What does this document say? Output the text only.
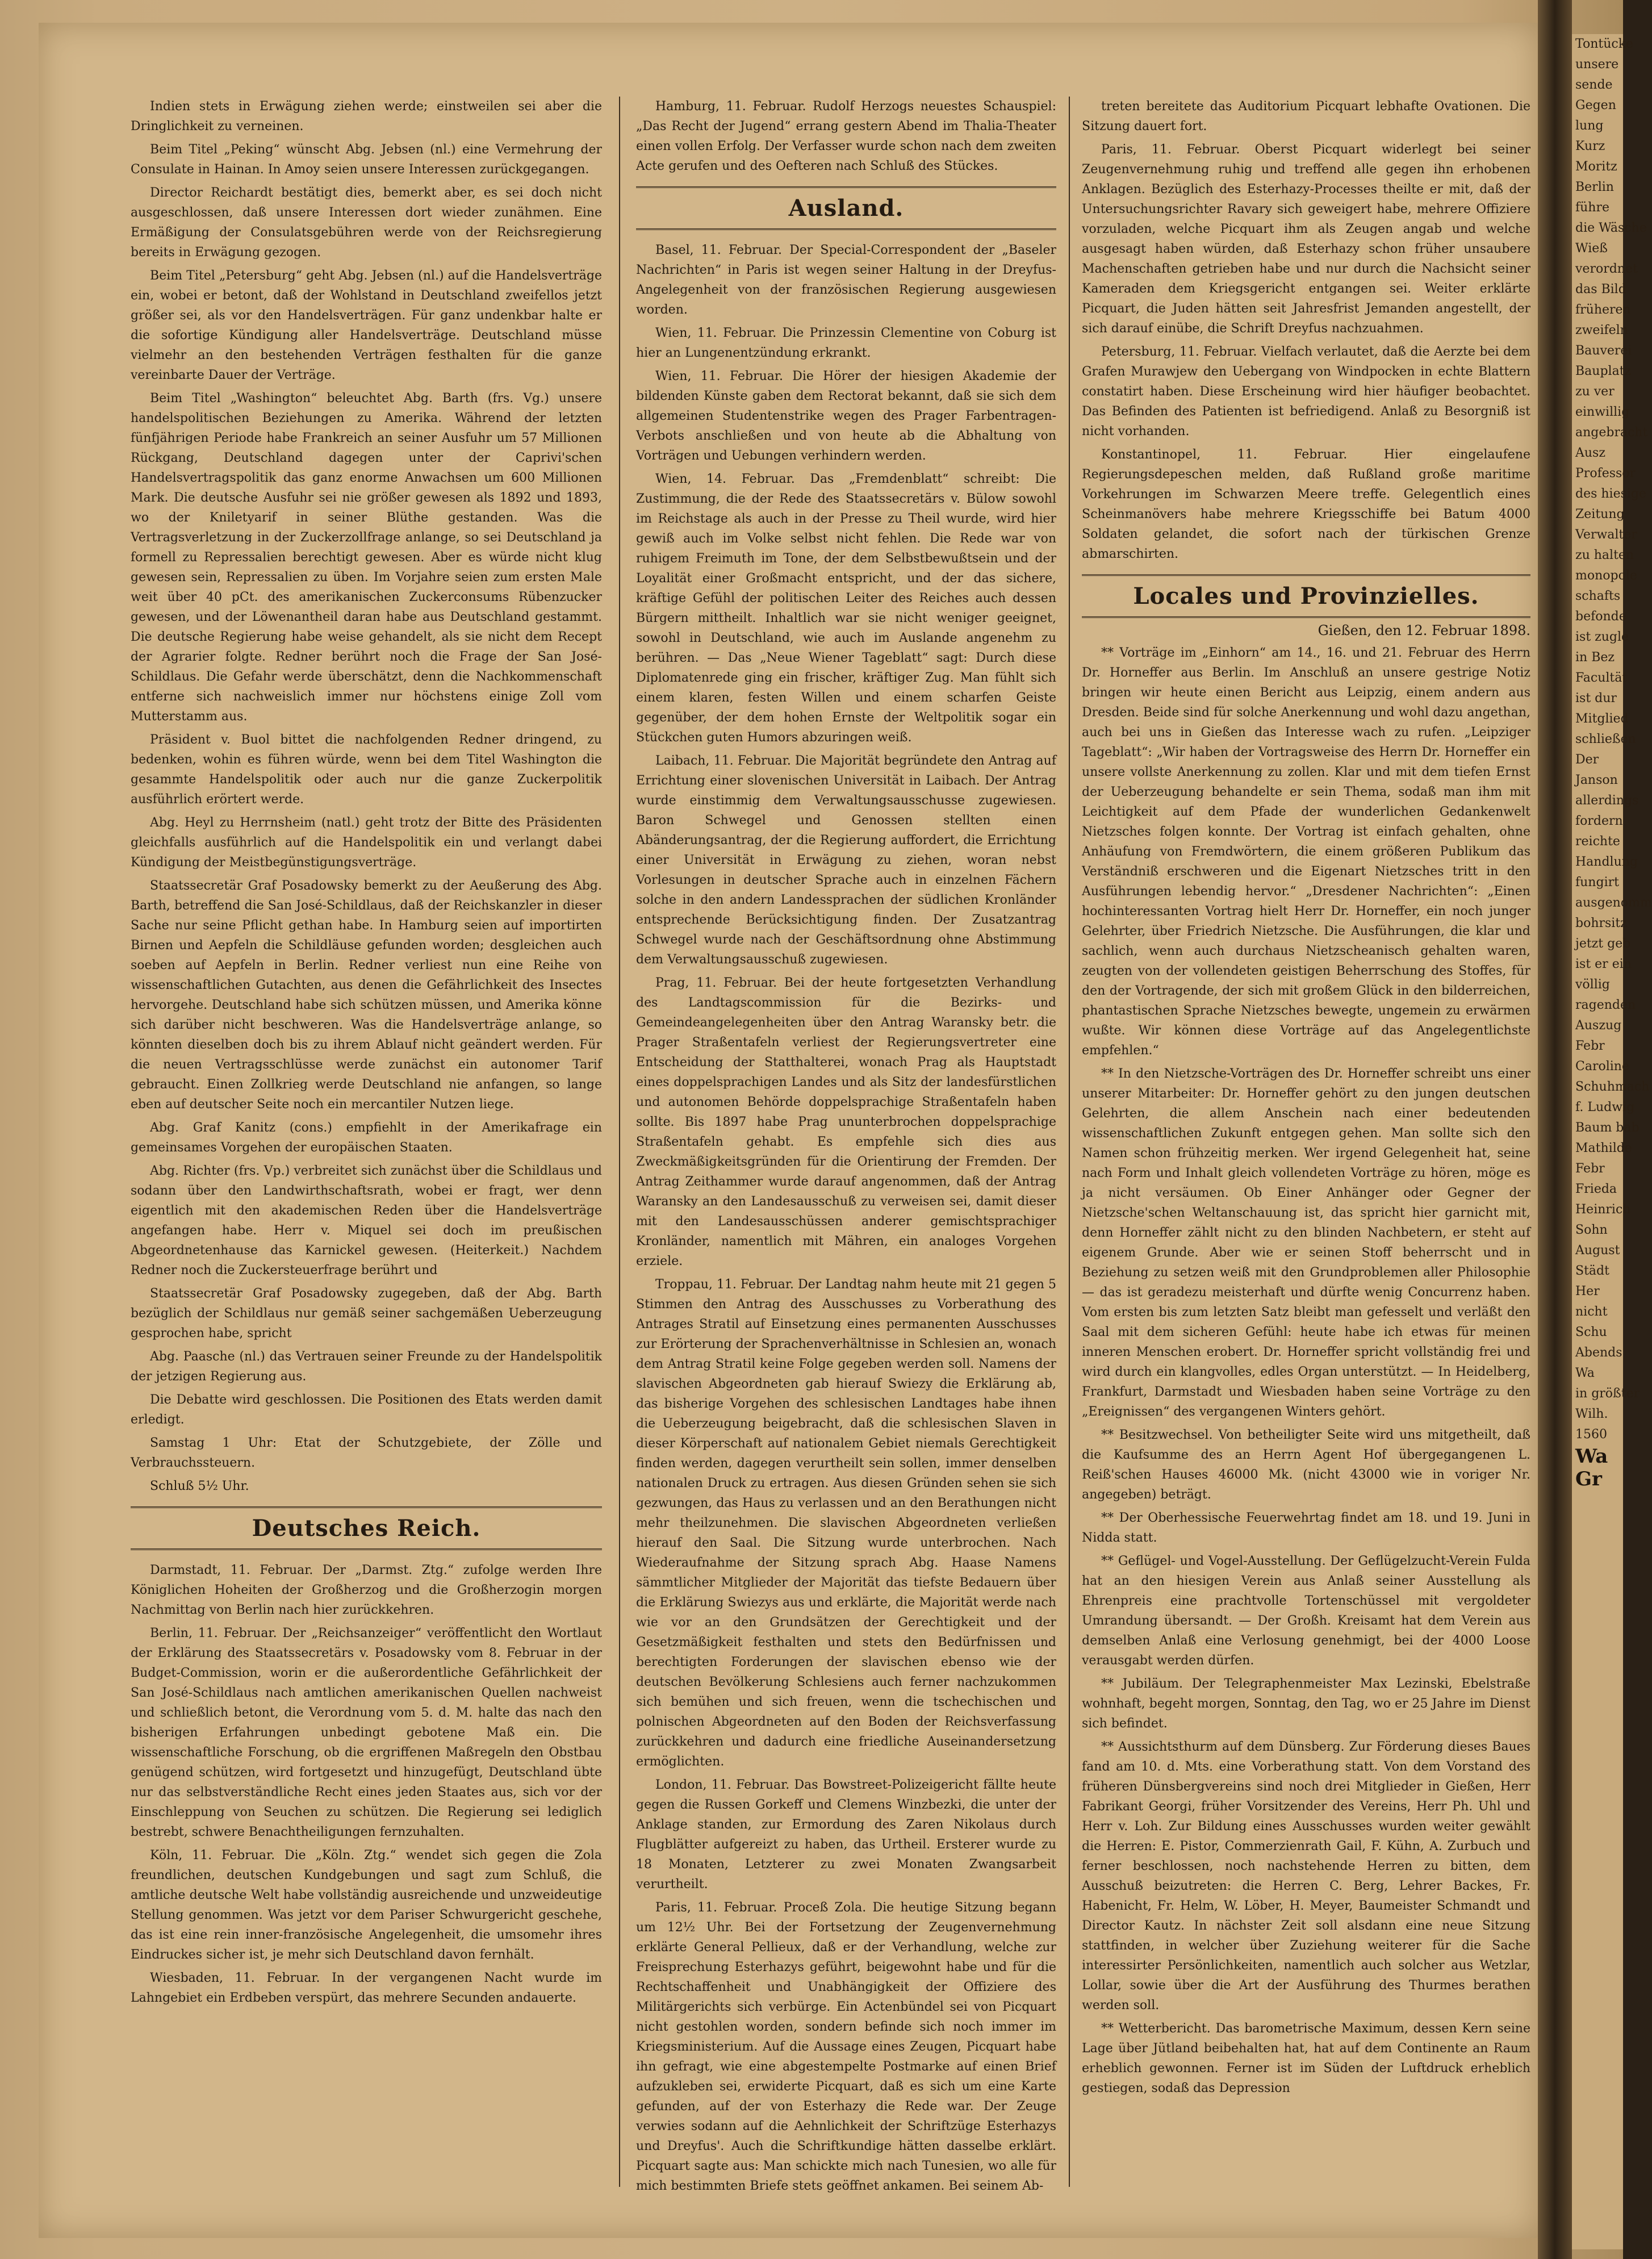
Indien stets in Erwägung ziehen werde; einstweilen sei aber die Dringlichkeit zu verneinen.

Beim Titel „Peking“ wünscht Abg. Jebsen (nl.) eine Vermehrung der Consulate in Hainan. In Amoy seien unsere Interessen zurückgegangen.

Director Reichardt bestätigt dies, bemerkt aber, es sei doch nicht ausgeschlossen, daß unsere Interessen dort wieder zunähmen. Eine Ermäßigung der Consulatsgebühren werde von der Reichsregierung bereits in Erwägung gezogen.

Beim Titel „Petersburg“ geht Abg. Jebsen (nl.) auf die Handelsverträge ein, wobei er betont, daß der Wohlstand in Deutschland zweifellos jetzt größer sei, als vor den Handelsverträgen. Für ganz undenkbar halte er die sofortige Kündigung aller Handelsverträge. Deutschland müsse vielmehr an den bestehenden Verträgen festhalten für die ganze vereinbarte Dauer der Verträge.

Beim Titel „Washington“ beleuchtet Abg. Barth (frs. Vg.) unsere handelspolitischen Beziehungen zu Amerika. Während der letzten fünfjährigen Periode habe Frankreich an seiner Ausfuhr um 57 Millionen Rückgang, Deutschland dagegen unter der Caprivi'schen Handelsvertragspolitik das ganz enorme Anwachsen um 600 Millionen Mark. Die deutsche Ausfuhr sei nie größer gewesen als 1892 und 1893, wo der Kniletyarif in seiner Blüthe gestanden. Was die Vertragsverletzung in der Zuckerzollfrage anlange, so sei Deutschland ja formell zu Repressalien berechtigt gewesen. Aber es würde nicht klug gewesen sein, Repressalien zu üben. Im Vorjahre seien zum ersten Male weit über 40 pCt. des amerikanischen Zuckerconsums Rübenzucker gewesen, und der Löwenantheil daran habe aus Deutschland gestammt. Die deutsche Regierung habe weise gehandelt, als sie nicht dem Recept der Agrarier folgte. Redner berührt noch die Frage der San José-Schildlaus. Die Gefahr werde überschätzt, denn die Nachkommenschaft entferne sich nachweislich immer nur höchstens einige Zoll vom Mutterstamm aus.

Präsident v. Buol bittet die nachfolgenden Redner dringend, zu bedenken, wohin es führen würde, wenn bei dem Titel Washington die gesammte Handelspolitik oder auch nur die ganze Zuckerpolitik ausführlich erörtert werde.

Abg. Heyl zu Herrnsheim (natl.) geht trotz der Bitte des Präsidenten gleichfalls ausführlich auf die Handelspolitik ein und verlangt dabei Kündigung der Meistbegünstigungsverträge.

Staatssecretär Graf Posadowsky bemerkt zu der Aeußerung des Abg. Barth, betreffend die San José-Schildlaus, daß der Reichskanzler in dieser Sache nur seine Pflicht gethan habe. In Hamburg seien auf importirten Birnen und Aepfeln die Schildläuse gefunden worden; desgleichen auch soeben auf Aepfeln in Berlin. Redner verliest nun eine Reihe von wissenschaftlichen Gutachten, aus denen die Gefährlichkeit des Insectes hervorgehe. Deutschland habe sich schützen müssen, und Amerika könne sich darüber nicht beschweren. Was die Handelsverträge anlange, so könnten dieselben doch bis zu ihrem Ablauf nicht geändert werden. Für die neuen Vertragsschlüsse werde zunächst ein autonomer Tarif gebraucht. Einen Zollkrieg werde Deutschland nie anfangen, so lange eben auf deutscher Seite noch ein mercantiler Nutzen liege.

Abg. Graf Kanitz (cons.) empfiehlt in der Amerikafrage ein gemeinsames Vorgehen der europäischen Staaten.

Abg. Richter (frs. Vp.) verbreitet sich zunächst über die Schildlaus und sodann über den Landwirthschaftsrath, wobei er fragt, wer denn eigentlich mit den akademischen Reden über die Handelsverträge angefangen habe. Herr v. Miquel sei doch im preußischen Abgeordnetenhause das Karnickel gewesen. (Heiterkeit.) Nachdem Redner noch die Zuckersteuerfrage berührt und

Staatssecretär Graf Posadowsky zugegeben, daß der Abg. Barth bezüglich der Schildlaus nur gemäß seiner sachgemäßen Ueberzeugung gesprochen habe, spricht

Abg. Paasche (nl.) das Vertrauen seiner Freunde zu der Handelspolitik der jetzigen Regierung aus.

Die Debatte wird geschlossen. Die Positionen des Etats werden damit erledigt.

Samstag 1 Uhr: Etat der Schutzgebiete, der Zölle und Verbrauchssteuern.

Schluß 5½ Uhr.

Deutsches Reich.

Darmstadt, 11. Februar. Der „Darmst. Ztg.“ zufolge werden Ihre Königlichen Hoheiten der Großherzog und die Großherzogin morgen Nachmittag von Berlin nach hier zurückkehren.

Berlin, 11. Februar. Der „Reichsanzeiger“ veröffentlicht den Wortlaut der Erklärung des Staatssecretärs v. Posadowsky vom 8. Februar in der Budget-Commission, worin er die außerordentliche Gefährlichkeit der San José-Schildlaus nach amtlichen amerikanischen Quellen nachweist und schließlich betont, die Verordnung vom 5. d. M. halte das nach den bisherigen Erfahrungen unbedingt gebotene Maß ein. Die wissenschaftliche Forschung, ob die ergriffenen Maßregeln den Obstbau genügend schützen, wird fortgesetzt und hinzugefügt, Deutschland übte nur das selbstverständliche Recht eines jeden Staates aus, sich vor der Einschleppung von Seuchen zu schützen. Die Regierung sei lediglich bestrebt, schwere Benachtheiligungen fernzuhalten.

Köln, 11. Februar. Die „Köln. Ztg.“ wendet sich gegen die Zola freundlichen, deutschen Kundgebungen und sagt zum Schluß, die amtliche deutsche Welt habe vollständig ausreichende und unzweideutige Stellung genommen. Was jetzt vor dem Pariser Schwurgericht geschehe, das ist eine rein inner-französische Angelegenheit, die umsomehr ihres Eindruckes sicher ist, je mehr sich Deutschland davon fernhält.

Wiesbaden, 11. Februar. In der vergangenen Nacht wurde im Lahngebiet ein Erdbeben verspürt, das mehrere Secunden andauerte.

Hamburg, 11. Februar. Rudolf Herzogs neuestes Schauspiel: „Das Recht der Jugend“ errang gestern Abend im Thalia-Theater einen vollen Erfolg. Der Verfasser wurde schon nach dem zweiten Acte gerufen und des Oefteren nach Schluß des Stückes.

Ausland.

Basel, 11. Februar. Der Special-Correspondent der „Baseler Nachrichten“ in Paris ist wegen seiner Haltung in der Dreyfus-Angelegenheit von der französischen Regierung ausgewiesen worden.

Wien, 11. Februar. Die Prinzessin Clementine von Coburg ist hier an Lungenentzündung erkrankt.

Wien, 11. Februar. Die Hörer der hiesigen Akademie der bildenden Künste gaben dem Rectorat bekannt, daß sie sich dem allgemeinen Studentenstrike wegen des Prager Farbentragen-Verbots anschließen und von heute ab die Abhaltung von Vorträgen und Uebungen verhindern werden.

Wien, 14. Februar. Das „Fremdenblatt“ schreibt: Die Zustimmung, die der Rede des Staatssecretärs v. Bülow sowohl im Reichstage als auch in der Presse zu Theil wurde, wird hier gewiß auch im Volke selbst nicht fehlen. Die Rede war von ruhigem Freimuth im Tone, der dem Selbstbewußtsein und der Loyalität einer Großmacht entspricht, und der das sichere, kräftige Gefühl der politischen Leiter des Reiches auch dessen Bürgern mittheilt. Inhaltlich war sie nicht weniger geeignet, sowohl in Deutschland, wie auch im Auslande angenehm zu berühren. — Das „Neue Wiener Tageblatt“ sagt: Durch diese Diplomatenrede ging ein frischer, kräftiger Zug. Man fühlt sich einem klaren, festen Willen und einem scharfen Geiste gegenüber, der dem hohen Ernste der Weltpolitik sogar ein Stückchen guten Humors abzuringen weiß.

Laibach, 11. Februar. Die Majorität begründete den Antrag auf Errichtung einer slovenischen Universität in Laibach. Der Antrag wurde einstimmig dem Verwaltungsausschusse zugewiesen. Baron Schwegel und Genossen stellten einen Abänderungsantrag, der die Regierung auffordert, die Errichtung einer Universität in Erwägung zu ziehen, woran nebst Vorlesungen in deutscher Sprache auch in einzelnen Fächern solche in den andern Landessprachen der südlichen Kronländer entsprechende Berücksichtigung finden. Der Zusatzantrag Schwegel wurde nach der Geschäftsordnung ohne Abstimmung dem Verwaltungsausschuß zugewiesen.

Prag, 11. Februar. Bei der heute fortgesetzten Verhandlung des Landtagscommission für die Bezirks- und Gemeindeangelegenheiten über den Antrag Waransky betr. die Prager Straßentafeln verliest der Regierungsvertreter eine Entscheidung der Statthalterei, wonach Prag als Hauptstadt eines doppelsprachigen Landes und als Sitz der landesfürstlichen und autonomen Behörde doppelsprachige Straßentafeln haben sollte. Bis 1897 habe Prag ununterbrochen doppelsprachige Straßentafeln gehabt. Es empfehle sich dies aus Zweckmäßigkeitsgründen für die Orientirung der Fremden. Der Antrag Zeithammer wurde darauf angenommen, daß der Antrag Waransky an den Landesausschuß zu verweisen sei, damit dieser mit den Landesausschüssen anderer gemischtsprachiger Kronländer, namentlich mit Mähren, ein analoges Vorgehen erziele.

Troppau, 11. Februar. Der Landtag nahm heute mit 21 gegen 5 Stimmen den Antrag des Ausschusses zu Vorberathung des Antrages Stratil auf Einsetzung eines permanenten Ausschusses zur Erörterung der Sprachenverhältnisse in Schlesien an, wonach dem Antrag Stratil keine Folge gegeben werden soll. Namens der slavischen Abgeordneten gab hierauf Swiezy die Erklärung ab, das bisherige Vorgehen des schlesischen Landtages habe ihnen die Ueberzeugung beigebracht, daß die schlesischen Slaven in dieser Körperschaft auf nationalem Gebiet niemals Gerechtigkeit finden werden, dagegen verurtheilt sein sollen, immer denselben nationalen Druck zu ertragen. Aus diesen Gründen sehen sie sich gezwungen, das Haus zu verlassen und an den Berathungen nicht mehr theilzunehmen. Die slavischen Abgeordneten verließen hierauf den Saal. Die Sitzung wurde unterbrochen. Nach Wiederaufnahme der Sitzung sprach Abg. Haase Namens sämmtlicher Mitglieder der Majorität das tiefste Bedauern über die Erklärung Swiezys aus und erklärte, die Majorität werde nach wie vor an den Grundsätzen der Gerechtigkeit und der Gesetzmäßigkeit festhalten und stets den Bedürfnissen und berechtigten Forderungen der slavischen ebenso wie der deutschen Bevölkerung Schlesiens auch ferner nachzukommen sich bemühen und sich freuen, wenn die tschechischen und polnischen Abgeordneten auf den Boden der Reichsverfassung zurückkehren und dadurch eine friedliche Auseinandersetzung ermöglichten.

London, 11. Februar. Das Bowstreet-Polizeigericht fällte heute gegen die Russen Gorkeff und Clemens Winzbezki, die unter der Anklage standen, zur Ermordung des Zaren Nikolaus durch Flugblätter aufgereizt zu haben, das Urtheil. Ersterer wurde zu 18 Monaten, Letzterer zu zwei Monaten Zwangsarbeit verurtheilt.

Paris, 11. Februar. Proceß Zola. Die heutige Sitzung begann um 12½ Uhr. Bei der Fortsetzung der Zeugenvernehmung erklärte General Pellieux, daß er der Verhandlung, welche zur Freisprechung Esterhazys geführt, beigewohnt habe und für die Rechtschaffenheit und Unabhängigkeit der Offiziere des Militärgerichts sich verbürge. Ein Actenbündel sei von Picquart nicht gestohlen worden, sondern befinde sich noch immer im Kriegsministerium. Auf die Aussage eines Zeugen, Picquart habe ihn gefragt, wie eine abgestempelte Postmarke auf einen Brief aufzukleben sei, erwiderte Picquart, daß es sich um eine Karte gefunden, auf der von Esterhazy die Rede war. Der Zeuge verwies sodann auf die Aehnlichkeit der Schriftzüge Esterhazys und Dreyfus'. Auch die Schriftkundige hätten dasselbe erklärt. Picquart sagte aus: Man schickte mich nach Tunesien, wo alle für mich bestimmten Briefe stets geöffnet ankamen. Bei seinem Ab-

treten bereitete das Auditorium Picquart lebhafte Ovationen. Die Sitzung dauert fort.

Paris, 11. Februar. Oberst Picquart widerlegt bei seiner Zeugenvernehmung ruhig und treffend alle gegen ihn erhobenen Anklagen. Bezüglich des Esterhazy-Processes theilte er mit, daß der Untersuchungsrichter Ravary sich geweigert habe, mehrere Offiziere vorzuladen, welche Picquart ihm als Zeugen angab und welche ausgesagt haben würden, daß Esterhazy schon früher unsaubere Machenschaften getrieben habe und nur durch die Nachsicht seiner Kameraden dem Kriegsgericht entgangen sei. Weiter erklärte Picquart, die Juden hätten seit Jahresfrist Jemanden angestellt, der sich darauf einübe, die Schrift Dreyfus nachzuahmen.

Petersburg, 11. Februar. Vielfach verlautet, daß die Aerzte bei dem Grafen Murawjew den Uebergang von Windpocken in echte Blattern constatirt haben. Diese Erscheinung wird hier häufiger beobachtet. Das Befinden des Patienten ist befriedigend. Anlaß zu Besorgniß ist nicht vorhanden.

Konstantinopel, 11. Februar. Hier eingelaufene Regierungsdepeschen melden, daß Rußland große maritime Vorkehrungen im Schwarzen Meere treffe. Gelegentlich eines Scheinmanövers habe mehrere Kriegsschiffe bei Batum 4000 Soldaten gelandet, die sofort nach der türkischen Grenze abmarschirten.

Locales und Provinzielles.
Gießen, den 12. Februar 1898.

** Vorträge im „Einhorn“ am 14., 16. und 21. Februar des Herrn Dr. Horneffer aus Berlin. Im Anschluß an unsere gestrige Notiz bringen wir heute einen Bericht aus Leipzig, einem andern aus Dresden. Beide sind für solche Anerkennung und wohl dazu angethan, auch bei uns in Gießen das Interesse wach zu rufen. „Leipziger Tageblatt“: „Wir haben der Vortragsweise des Herrn Dr. Horneffer ein unsere vollste Anerkennung zu zollen. Klar und mit dem tiefen Ernst der Ueberzeugung behandelte er sein Thema, sodaß man ihm mit Leichtigkeit auf dem Pfade der wunderlichen Gedankenwelt Nietzsches folgen konnte. Der Vortrag ist einfach gehalten, ohne Anhäufung von Fremdwörtern, die einem größeren Publikum das Verständniß erschweren und die Eigenart Nietzsches tritt in den Ausführungen lebendig hervor.“ „Dresdener Nachrichten“: „Einen hochinteressanten Vortrag hielt Herr Dr. Horneffer, ein noch junger Gelehrter, über Friedrich Nietzsche. Die Ausführungen, die klar und sachlich, wenn auch durchaus Nietzscheanisch gehalten waren, zeugten von der vollendeten geistigen Beherrschung des Stoffes, für den der Vortragende, der sich mit großem Glück in den bilderreichen, phantastischen Sprache Nietzsches bewegte, ungemein zu erwärmen wußte. Wir können diese Vorträge auf das Angelegentlichste empfehlen.“

** In den Nietzsche-Vorträgen des Dr. Horneffer schreibt uns einer unserer Mitarbeiter: Dr. Horneffer gehört zu den jungen deutschen Gelehrten, die allem Anschein nach einer bedeutenden wissenschaftlichen Zukunft entgegen gehen. Man sollte sich den Namen schon frühzeitig merken. Wer irgend Gelegenheit hat, seine nach Form und Inhalt gleich vollendeten Vorträge zu hören, möge es ja nicht versäumen. Ob Einer Anhänger oder Gegner der Nietzsche'schen Weltanschauung ist, das spricht hier garnicht mit, denn Horneffer zählt nicht zu den blinden Nachbetern, er steht auf eigenem Grunde. Aber wie er seinen Stoff beherrscht und in Beziehung zu setzen weiß mit den Grundproblemen aller Philosophie — das ist geradezu meisterhaft und dürfte wenig Concurrenz haben. Vom ersten bis zum letzten Satz bleibt man gefesselt und verläßt den Saal mit dem sicheren Gefühl: heute habe ich etwas für meinen inneren Menschen erobert. Dr. Horneffer spricht vollständig frei und wird durch ein klangvolles, edles Organ unterstützt. — In Heidelberg, Frankfurt, Darmstadt und Wiesbaden haben seine Vorträge zu den „Ereignissen“ des vergangenen Winters gehört.

** Besitzwechsel. Von betheiligter Seite wird uns mitgetheilt, daß die Kaufsumme des an Herrn Agent Hof übergegangenen L. Reiß'schen Hauses 46000 Mk. (nicht 43000 wie in voriger Nr. angegeben) beträgt.

** Der Oberhessische Feuerwehrtag findet am 18. und 19. Juni in Nidda statt.

** Geflügel- und Vogel-Ausstellung. Der Geflügelzucht-Verein Fulda hat an den hiesigen Verein aus Anlaß seiner Ausstellung als Ehrenpreis eine prachtvolle Tortenschüssel mit vergoldeter Umrandung übersandt. — Der Großh. Kreisamt hat dem Verein aus demselben Anlaß eine Verlosung genehmigt, bei der 4000 Loose verausgabt werden dürfen.

** Jubiläum. Der Telegraphenmeister Max Lezinski, Ebelstraße wohnhaft, begeht morgen, Sonntag, den Tag, wo er 25 Jahre im Dienst sich befindet.

** Aussichtsthurm auf dem Dünsberg. Zur Förderung dieses Baues fand am 10. d. Mts. eine Vorberathung statt. Von dem Vorstand des früheren Dünsbergvereins sind noch drei Mitglieder in Gießen, Herr Fabrikant Georgi, früher Vorsitzender des Vereins, Herr Ph. Uhl und Herr v. Loh. Zur Bildung eines Ausschusses wurden weiter gewählt die Herren: E. Pistor, Commerzienrath Gail, F. Kühn, A. Zurbuch und ferner beschlossen, noch nachstehende Herren zu bitten, dem Ausschuß beizutreten: die Herren C. Berg, Lehrer Backes, Fr. Habenicht, Fr. Helm, W. Löber, H. Meyer, Baumeister Schmandt und Director Kautz. In nächster Zeit soll alsdann eine neue Sitzung stattfinden, in welcher über Zuziehung weiterer für die Sache interessirter Persönlichkeiten, namentlich auch solcher aus Wetzlar, Lollar, sowie über die Art der Ausführung des Thurmes berathen werden soll.

** Wetterbericht. Das barometrische Maximum, dessen Kern seine Lage über Jütland beibehalten hat, hat auf dem Continente an Raum erheblich gewonnen. Ferner ist im Süden der Luftdruck erheblich gestiegen, sodaß das Depression

Tontücke
unsere
sende
Gegen
lung
Kurz
Moritz
Berlin
führe
die Wäsche
Wieß
verordnet
das Bild
früheren
zweifeln
Bauverei
Bauplatz
zu ver
einwillig
angebracht
Ausz
Professor
des hiesige
Zeitung
Verwalter
zu halten
monopole
schafts
befonde
ist zugle
in Bez
Facultät
ist dur
Mitglied
schließen
Der
Janson
allerdings
fordern
reichte
Handlung
fungirt
ausgenomm
bohrsitz
jetzt geb
ist er ein
völlig
ragenden
Auszug
Febr
Caroline
Schuhmach
f. Ludwig
Baum bab
Mathilde
Febr
Frieda
Heinrich
Sohn
August
Städt
Her
nicht
Schu
Abends
Wa
in größter
Wilh.
1560
Wa
Gr
